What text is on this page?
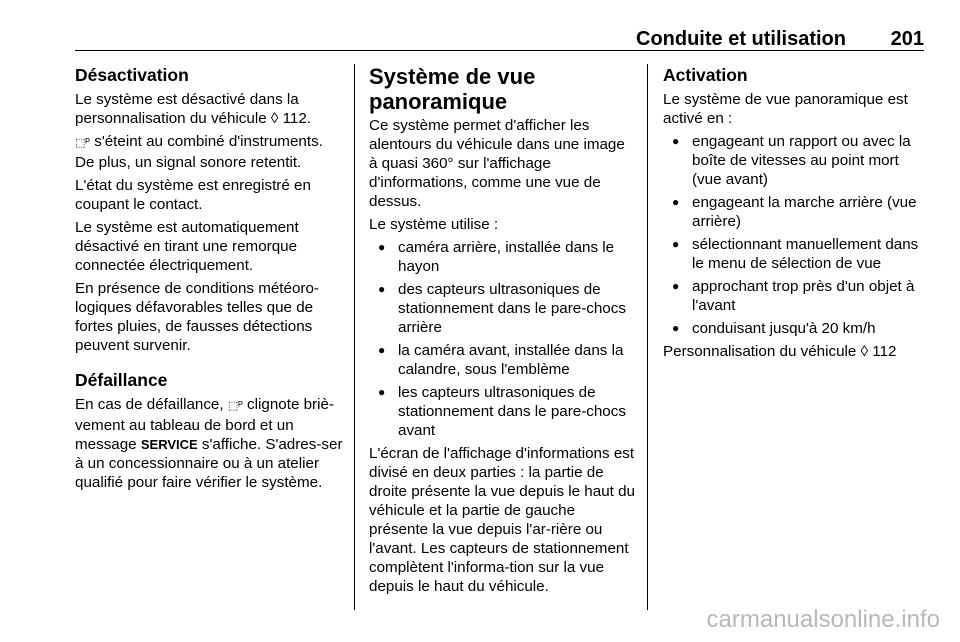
Conduite et utilisation 201
Désactivation

Le système est désactivé dans la personnalisation du véhicule ◊ 112.

⬚ᴾ s'éteint au combiné d'instruments. De plus, un signal sonore retentit.

L'état du système est enregistré en coupant le contact.

Le système est automatiquement désactivé en tirant une remorque connectée électriquement.

En présence de conditions météoro-logiques défavorables telles que de fortes pluies, de fausses détections peuvent survenir.

Défaillance

En cas de défaillance, ⬚ᴾ clignote briè-vement au tableau de bord et un message SERVICE s'affiche. S'adres-ser à un concessionnaire ou à un atelier qualifié pour faire vérifier le système.

Système de vue panoramique

Ce système permet d'afficher les alentours du véhicule dans une image à quasi 360° sur l'affichage d'informations, comme une vue de dessus.

Le système utilise :

● caméra arrière, installée dans le hayon
● des capteurs ultrasoniques de stationnement dans le pare-chocs arrière
● la caméra avant, installée dans la calandre, sous l'emblème
● les capteurs ultrasoniques de stationnement dans le pare-chocs avant

L'écran de l'affichage d'informations est divisé en deux parties : la partie de droite présente la vue depuis le haut du véhicule et la partie de gauche présente la vue depuis l'ar-rière ou l'avant. Les capteurs de stationnement complètent l'informa-tion sur la vue depuis le haut du véhicule.

Activation

Le système de vue panoramique est activé en :

● engageant un rapport ou avec la boîte de vitesses au point mort (vue avant)
● engageant la marche arrière (vue arrière)
● sélectionnant manuellement dans le menu de sélection de vue
● approchant trop près d'un objet à l'avant
● conduisant jusqu'à 20 km/h

Personnalisation du véhicule ◊ 112

carmanualsonline.info
